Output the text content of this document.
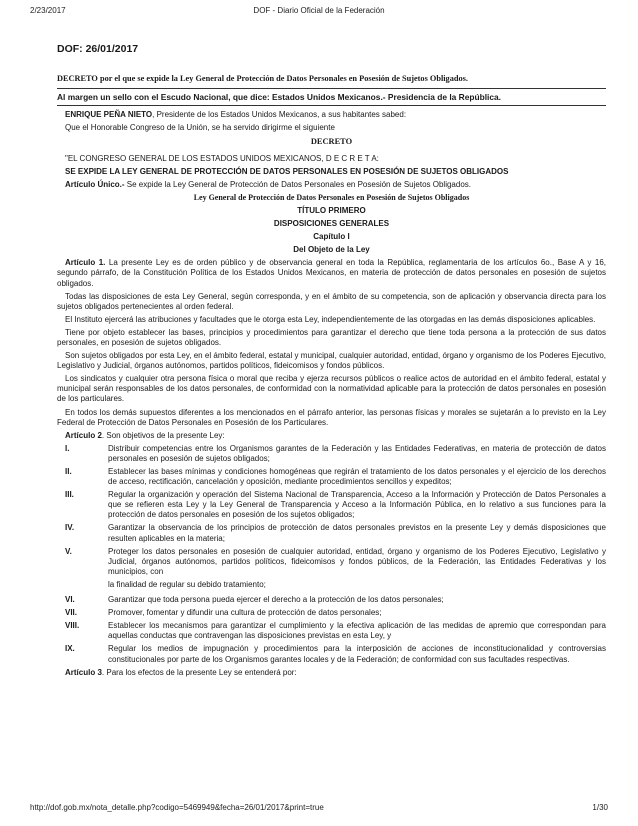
2/23/2017	DOF - Diario Oficial de la Federación
DOF: 26/01/2017
DECRETO por el que se expide la Ley General de Protección de Datos Personales en Posesión de Sujetos Obligados.
Al margen un sello con el Escudo Nacional, que dice: Estados Unidos Mexicanos.- Presidencia de la República.

ENRIQUE PEÑA NIETO, Presidente de los Estados Unidos Mexicanos, a sus habitantes sabed:

Que el Honorable Congreso de la Unión, se ha servido dirigirme el siguiente

DECRETO

"EL CONGRESO GENERAL DE LOS ESTADOS UNIDOS MEXICANOS, D E C R E T A:

SE EXPIDE LA LEY GENERAL DE PROTECCIÓN DE DATOS PERSONALES EN POSESIÓN DE SUJETOS OBLIGADOS

Artículo Único.- Se expide la Ley General de Protección de Datos Personales en Posesión de Sujetos Obligados.

Ley General de Protección de Datos Personales en Posesión de Sujetos Obligados
TÍTULO PRIMERO
DISPOSICIONES GENERALES
Capítulo I
Del Objeto de la Ley

Artículo 1. La presente Ley es de orden público y de observancia general en toda la República, reglamentaria de los artículos 6o., Base A y 16, segundo párrafo, de la Constitución Política de los Estados Unidos Mexicanos, en materia de protección de datos personales en posesión de sujetos obligados.

Todas las disposiciones de esta Ley General, según corresponda, y en el ámbito de su competencia, son de aplicación y observancia directa para los sujetos obligados pertenecientes al orden federal.

El Instituto ejercerá las atribuciones y facultades que le otorga esta Ley, independientemente de las otorgadas en las demás disposiciones aplicables.

Tiene por objeto establecer las bases, principios y procedimientos para garantizar el derecho que tiene toda persona a la protección de sus datos personales, en posesión de sujetos obligados.

Son sujetos obligados por esta Ley, en el ámbito federal, estatal y municipal, cualquier autoridad, entidad, órgano y organismo de los Poderes Ejecutivo, Legislativo y Judicial, órganos autónomos, partidos políticos, fideicomisos y fondos públicos.

Los sindicatos y cualquier otra persona física o moral que reciba y ejerza recursos públicos o realice actos de autoridad en el ámbito federal, estatal y municipal serán responsables de los datos personales, de conformidad con la normatividad aplicable para la protección de datos personales en posesión de los particulares.

En todos los demás supuestos diferentes a los mencionados en el párrafo anterior, las personas físicas y morales se sujetarán a lo previsto en la Ley Federal de Protección de Datos Personales en Posesión de los Particulares.

Artículo 2. Son objetivos de la presente Ley:

I.	Distribuir competencias entre los Organismos garantes de la Federación y las Entidades Federativas, en materia de protección de datos personales en posesión de sujetos obligados;
II.	Establecer las bases mínimas y condiciones homogéneas que regirán el tratamiento de los datos personales y el ejercicio de los derechos de acceso, rectificación, cancelación y oposición, mediante procedimientos sencillos y expeditos;
III.	Regular la organización y operación del Sistema Nacional de Transparencia, Acceso a la Información y Protección de Datos Personales a que se refieren esta Ley y la Ley General de Transparencia y Acceso a la Información Pública, en lo relativo a sus funciones para la protección de datos personales en posesión de los sujetos obligados;
IV.	Garantizar la observancia de los principios de protección de datos personales previstos en la presente Ley y demás disposiciones que resulten aplicables en la materia;
V.	Proteger los datos personales en posesión de cualquier autoridad, entidad, órgano y organismo de los Poderes Ejecutivo, Legislativo y Judicial, órganos autónomos, partidos políticos, fideicomisos y fondos públicos, de la Federación, las Entidades Federativas y los municipios, con
la finalidad de regular su debido tratamiento;
VI.	Garantizar que toda persona pueda ejercer el derecho a la protección de los datos personales;
VII.	Promover, fomentar y difundir una cultura de protección de datos personales;
VIII.	Establecer los mecanismos para garantizar el cumplimiento y la efectiva aplicación de las medidas de apremio que correspondan para aquellas conductas que contravengan las disposiciones previstas en esta Ley, y
IX.	Regular los medios de impugnación y procedimientos para la interposición de acciones de inconstitucionalidad y controversias constitucionales por parte de los Organismos garantes locales y de la Federación; de conformidad con sus facultades respectivas.

Artículo 3. Para los efectos de la presente Ley se entenderá por:

http://dof.gob.mx/nota_detalle.php?codigo=5469949&fecha=26/01/2017&print=true	1/30
